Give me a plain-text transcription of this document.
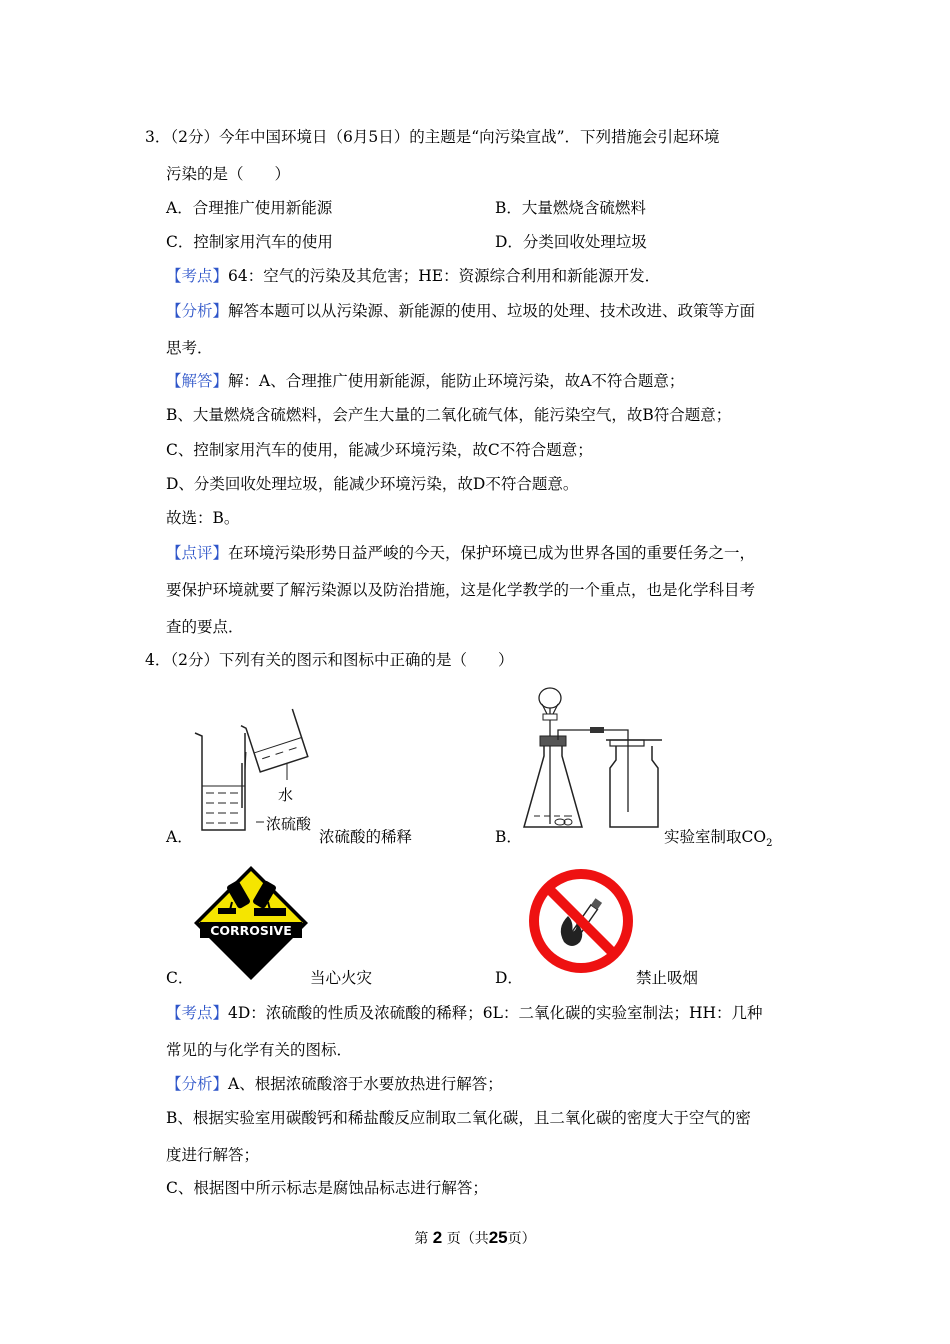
3．（2分）今年中国环境日（6月5日）的主题是“向污染宣战”．下列措施会引起环境
污染的是（　　）
A．合理推广使用新能源	B．大量燃烧含硫燃料
C．控制家用汽车的使用	D．分类回收处理垃圾
【考点】64：空气的污染及其危害；HE：资源综合利用和新能源开发．
【分析】解答本题可以从污染源、新能源的使用、垃圾的处理、技术改进、政策等方面
思考．
【解答】解：A、合理推广使用新能源，能防止环境污染，故A不符合题意；
B、大量燃烧含硫燃料，会产生大量的二氧化硫气体，能污染空气，故B符合题意；
C、控制家用汽车的使用，能减少环境污染，故C不符合题意；
D、分类回收处理垃圾，能减少环境污染，故D不符合题意。
故选：B。
【点评】在环境污染形势日益严峻的今天，保护环境已成为世界各国的重要任务之一，
要保护环境就要了解污染源以及防治措施，这是化学教学的一个重点，也是化学科目考
查的要点．
4．（2分）下列有关的图示和图标中正确的是（　　）
水
浓硫酸
A．	浓硫酸的稀释	B．	实验室制取$CO_2$
CORROSIVE
C．	当心火灾	D．	禁止吸烟
【考点】4D：浓硫酸的性质及浓硫酸的稀释；6L：二氧化碳的实验室制法；HH：几种
常见的与化学有关的图标．
【分析】A、根据浓硫酸溶于水要放热进行解答；
B、根据实验室用碳酸钙和稀盐酸反应制取二氧化碳，且二氧化碳的密度大于空气的密
度进行解答；
C、根据图中所示标志是腐蚀品标志进行解答；
第 2 页（共25页）
